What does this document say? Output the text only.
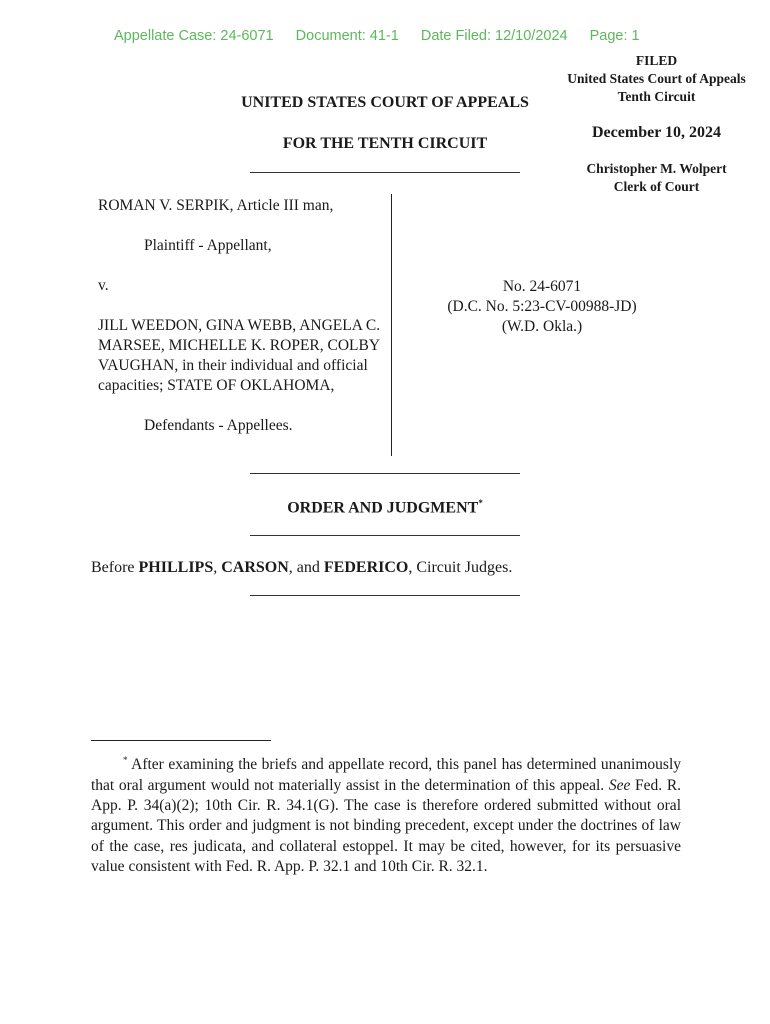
Appellate Case: 24-6071 Document: 41-1 Date Filed: 12/10/2024 Page: 1
FILED
United States Court of Appeals
Tenth Circuit
December 10, 2024
Christopher M. Wolpert
Clerk of Court
UNITED STATES COURT OF APPEALS
FOR THE TENTH CIRCUIT

ROMAN V. SERPIK, Article III man,

Plaintiff - Appellant,

v.

JILL WEEDON, GINA WEBB, ANGELA C. MARSEE, MICHELLE K. ROPER, COLBY VAUGHAN, in their individual and official capacities; STATE OF OKLAHOMA,

Defendants - Appellees.

No. 24-6071
(D.C. No. 5:23-CV-00988-JD)
(W.D. Okla.)
ORDER AND JUDGMENT*
Before PHILLIPS, CARSON, and FEDERICO, Circuit Judges.
* After examining the briefs and appellate record, this panel has determined unanimously that oral argument would not materially assist in the determination of this appeal. See Fed. R. App. P. 34(a)(2); 10th Cir. R. 34.1(G). The case is therefore ordered submitted without oral argument. This order and judgment is not binding precedent, except under the doctrines of law of the case, res judicata, and collateral estoppel. It may be cited, however, for its persuasive value consistent with Fed. R. App. P. 32.1 and 10th Cir. R. 32.1.
